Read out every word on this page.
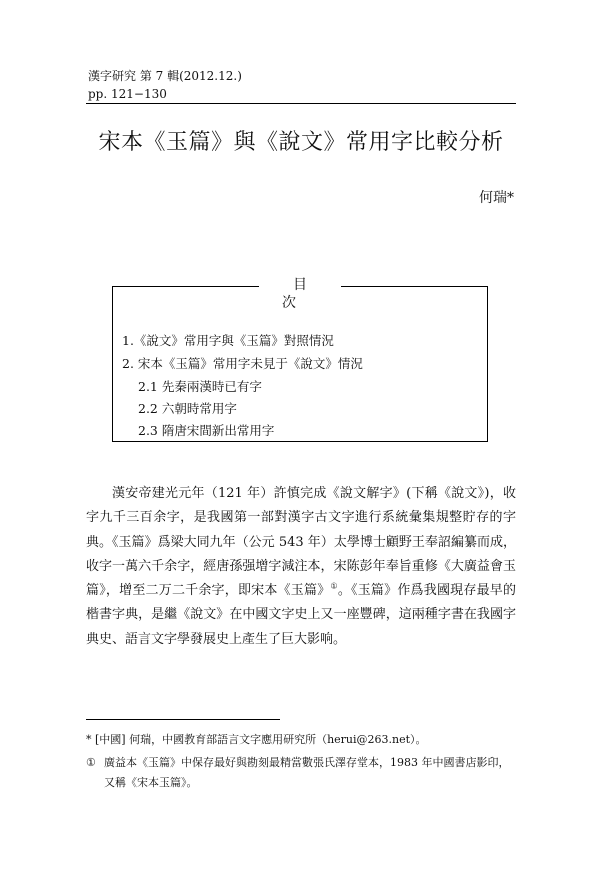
漢字研究 第 7 輯(2012.12.)
pp. 121−130
宋本《玉篇》與《說文》常用字比較分析
何瑞*
目次
1.《說文》常用字與《玉篇》對照情況
2. 宋本《玉篇》常用字未見于《說文》情況
2.1 先秦兩漢時已有字
2.2 六朝時常用字
2.3 隋唐宋間新出常用字

漢安帝建光元年（121 年）許慎完成《說文解字》(下稱《說文》)，收字九千三百余字，是我國第一部對漢字古文字進行系統彙集規整貯存的字典。《玉篇》爲梁大同九年（公元 543 年）太學博士顧野王奉詔編纂而成，收字一萬六千余字，經唐孫强增字減注本，宋陈彭年奉旨重修《大廣益會玉篇》，增至二万二千余字，即宋本《玉篇》①。《玉篇》作爲我國現存最早的楷書字典，是繼《說文》在中國文字史上又一座豐碑，這兩種字書在我國字典史、語言文字學發展史上產生了巨大影响。

* [中國] 何瑞，中國教育部語言文字應用研究所（herui@263.net）。

① 廣益本《玉篇》中保存最好與勘刻最精當數張氏澤存堂本，1983 年中國書店影印，
又稱《宋本玉篇》。
